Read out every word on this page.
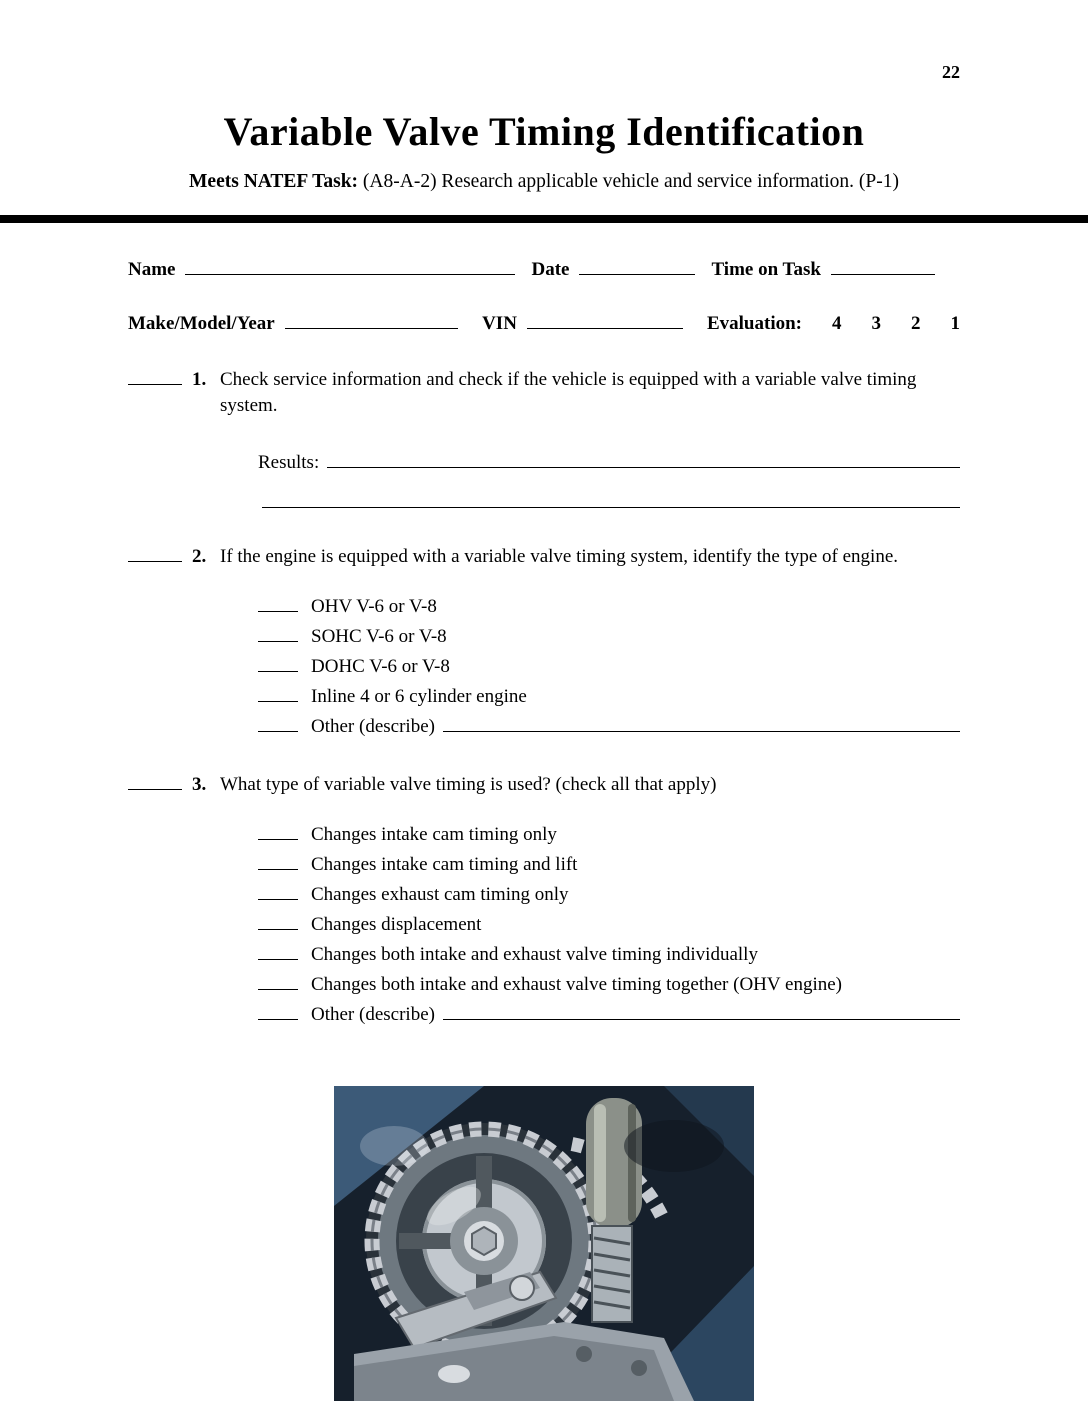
22
Variable Valve Timing Identification

Meets NATEF Task: (A8-A-2) Research applicable vehicle and service information. (P-1)

Name	Date	Time on Task
Make/Model/Year	VIN	Evaluation: 4 3 2 1
1. Check service information and check if the vehicle is equipped with a variable valve timing system.
Results:
2. If the engine is equipped with a variable valve timing system, identify the type of engine.
OHV V-6 or V-8
SOHC V-6 or V-8
DOHC V-6 or V-8
Inline 4 or 6 cylinder engine
Other (describe)
3. What type of variable valve timing is used? (check all that apply)
Changes intake cam timing only
Changes intake cam timing and lift
Changes exhaust cam timing only
Changes displacement
Changes both intake and exhaust valve timing individually
Changes both intake and exhaust valve timing together (OHV engine)
Other (describe)
